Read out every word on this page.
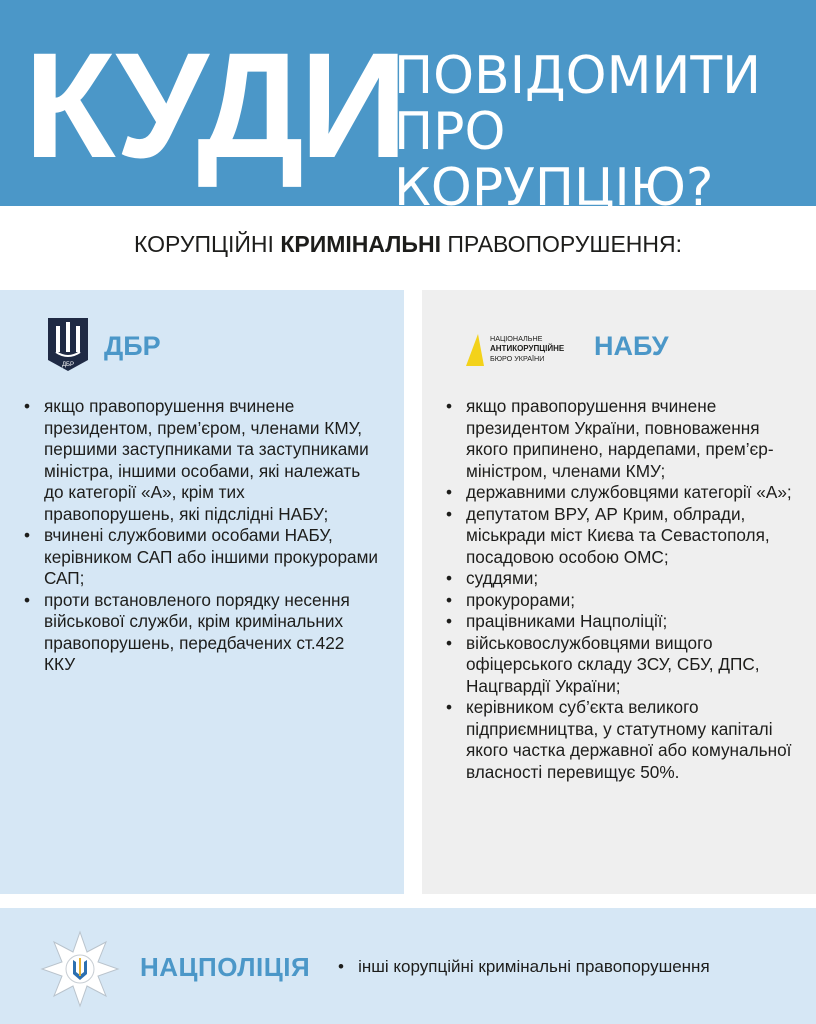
КУДИ
ПОВІДОМИТИ
ПРО КОРУПЦІЮ?
КОРУПЦІЙНІ КРИМІНАЛЬНІ ПРАВОПОРУШЕННЯ:
ДБР
ДБР
• якщо правопорушення вчинене президентом, прем’єром, членами КМУ, першими заступниками та заступниками міністра, іншими особами, які належать до категорії «А», крім тих правопорушень, які підслідні НАБУ;
• вчинені службовими особами НАБУ, керівником САП або іншими прокурорами САП;
• проти встановленого порядку несення військової служби, крім кримінальних правопорушень, передбачених ст.422 ККУ
НАЦІОНАЛЬНЕ
АНТИКОРУПЦІЙНЕ
БЮРО УКРАЇНИ НАБУ
• якщо правопорушення вчинене президентом України, повноваження якого припинено, нардепами, прем’єр-міністром, членами КМУ;
• державними службовцями категорії «А»;
• депутатом ВРУ, АР Крим, облради, міськради міст Києва та Севастополя, посадовою особою ОМС;
• суддями;
• прокурорами;
• працівниками Нацполіції;
• військовослужбовцями вищого офіцерського складу ЗСУ, СБУ, ДПС, Нацгвардії України;
• керівником суб’єкта великого підприємництва, у статутному капіталі якого частка державної або комунальної власності перевищує 50%.
НАЦПОЛІЦІЯ •   інші корупційні кримінальні правопорушення
